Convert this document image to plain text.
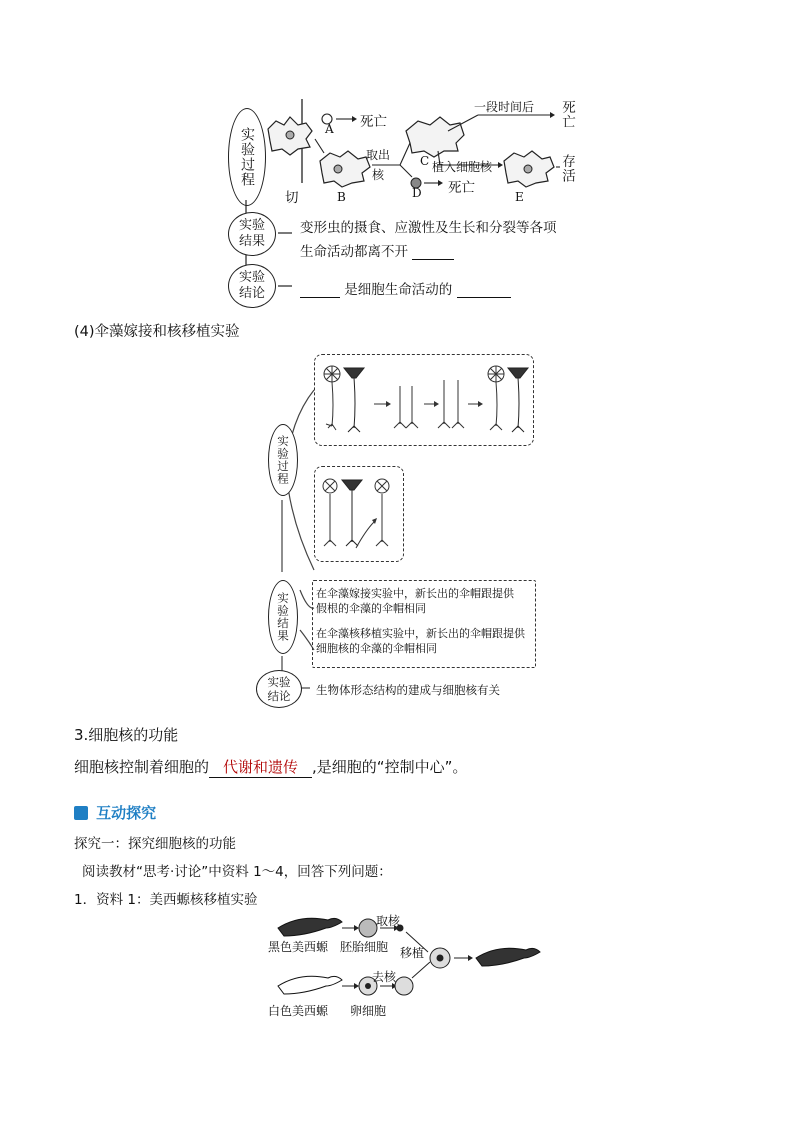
实验过程	A 死亡
切	B
取出
核
C
D 死亡
一段时间后 死亡
植入细胞核
E
存活
实验结果
变形虫的摄食、应激性及生长和分裂等各项
生命活动都离不开
实验结论	是细胞生命活动的
(4)伞藻嫁接和核移植实验
实验过程
实验结果 在伞藻嫁接实验中，新长出的伞帽跟提供
假根的伞藻的伞帽相同
在伞藻核移植实验中，新长出的伞帽跟提供
细胞核的伞藻的伞帽相同
实验结论 生物体形态结构的建成与细胞核有关
3.细胞核的功能
细胞核控制着细胞的 代谢和遗传 ,是细胞的“控制中心”。
互动探究
探究一：探究细胞核的功能
阅读教材“思考·讨论”中资料 1～4，回答下列问题：
1．资料 1：美西螈核移植实验
黑色美西螈 胚胎细胞
取核
移植
白色美西螈
去核
卵细胞
